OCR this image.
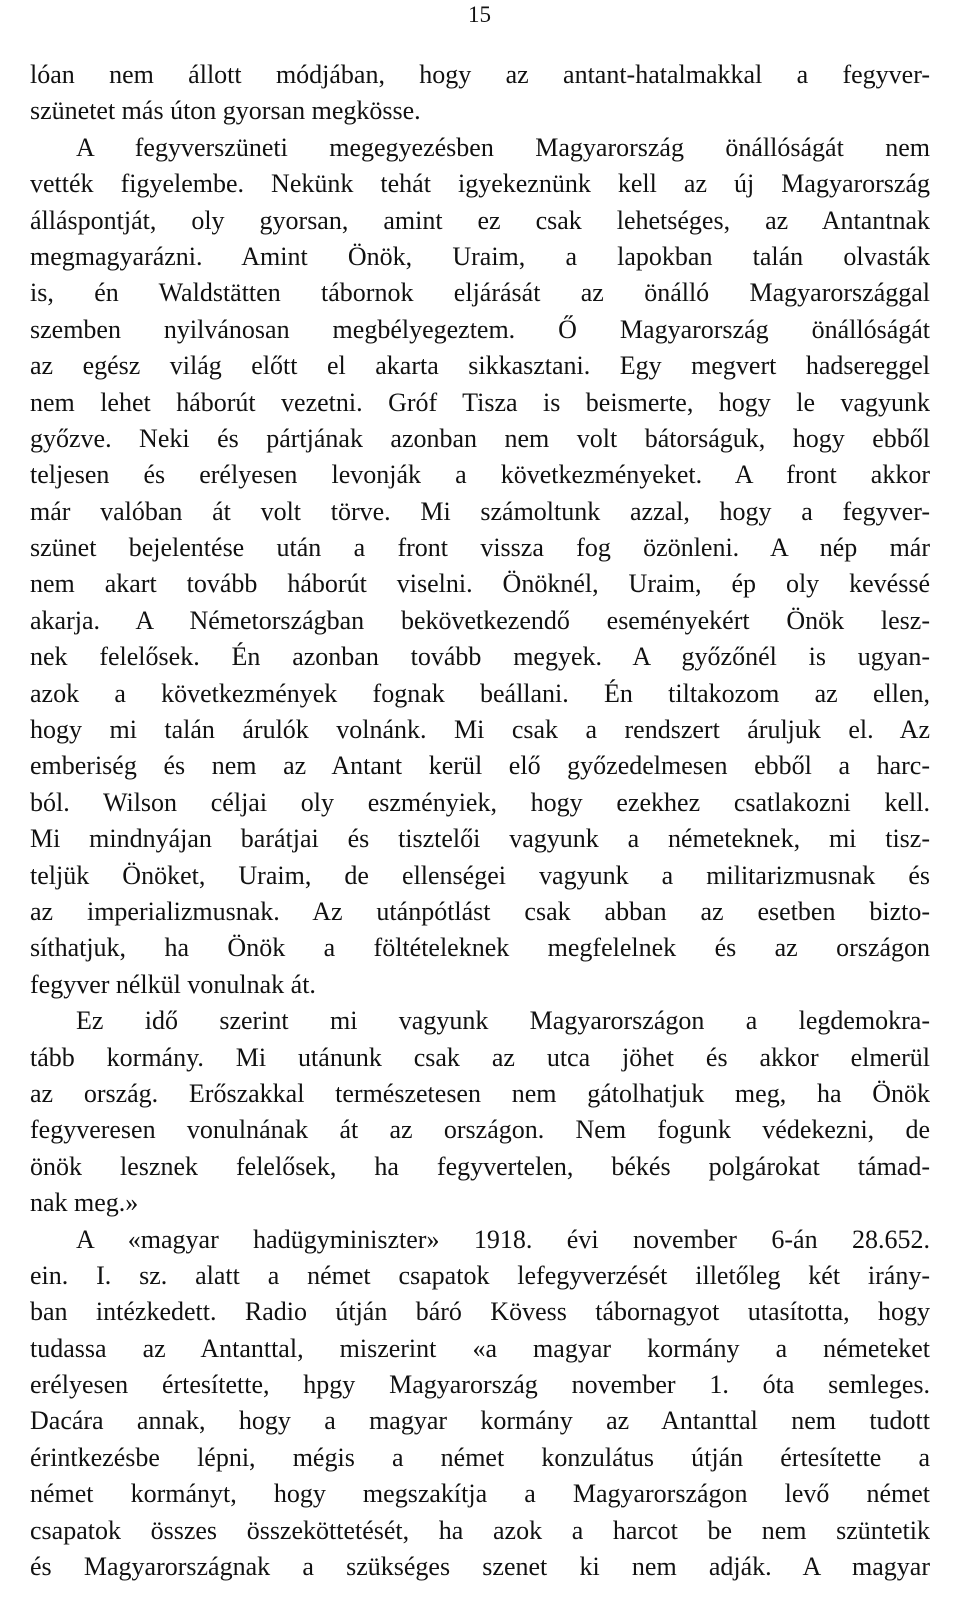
15
lóan nem állott módjában, hogy az antant-hatalmakkal a fegyver-
szünetet más úton gyorsan megkösse.
A fegyverszüneti megegyezésben Magyarország önállóságát nem
vették figyelembe. Nekünk tehát igyekeznünk kell az új Magyarország
álláspontját, oly gyorsan, amint ez csak lehetséges, az Antantnak
megmagyarázni. Amint Önök, Uraim, a lapokban talán olvasták
is, én Waldstätten tábornok eljárását az önálló Magyarországgal
szemben nyilvánosan megbélyegeztem. Ő Magyarország önállóságát
az egész világ előtt el akarta sikkasztani. Egy megvert hadsereggel
nem lehet háborút vezetni. Gróf Tisza is beismerte, hogy le vagyunk
győzve. Neki és pártjának azonban nem volt bátorságuk, hogy ebből
teljesen és erélyesen levonják a következményeket. A front akkor
már valóban át volt törve. Mi számoltunk azzal, hogy a fegyver-
szünet bejelentése után a front vissza fog özönleni. A nép már
nem akart tovább háborút viselni. Önöknél, Uraim, ép oly kevéssé
akarja. A Németországban bekövetkezendő eseményekért Önök lesz-
nek felelősek. Én azonban tovább megyek. A győzőnél is ugyan-
azok a következmények fognak beállani. Én tiltakozom az ellen,
hogy mi talán árulók volnánk. Mi csak a rendszert áruljuk el. Az
emberiség és nem az Antant kerül elő győzedelmesen ebből a harc-
ból. Wilson céljai oly eszményiek, hogy ezekhez csatlakozni kell.
Mi mindnyájan barátjai és tisztelői vagyunk a németeknek, mi tisz-
teljük Önöket, Uraim, de ellenségei vagyunk a militarizmusnak és
az imperializmusnak. Az utánpótlást csak abban az esetben bizto-
síthatjuk, ha Önök a föltételeknek megfelelnek és az országon
fegyver nélkül vonulnak át.
Ez idő szerint mi vagyunk Magyarországon a legdemokra-
tább kormány. Mi utánunk csak az utca jöhet és akkor elmerül
az ország. Erőszakkal természetesen nem gátolhatjuk meg, ha Önök
fegyveresen vonulnának át az országon. Nem fogunk védekezni, de
önök lesznek felelősek, ha fegyvertelen, békés polgárokat támad-
nak meg.»
A «magyar hadügyminiszter» 1918. évi november 6-án 28.652.
ein. I. sz. alatt a német csapatok lefegyverzését illetőleg két irány-
ban intézkedett. Radio útján báró Kövess tábornagyot utasította, hogy
tudassa az Antanttal, miszerint «a magyar kormány a németeket
erélyesen értesítette, hpgy Magyarország november 1. óta semleges.
Dacára annak, hogy a magyar kormány az Antanttal nem tudott
érintkezésbe lépni, mégis a német konzulátus útján értesítette a
német kormányt, hogy megszakítja a Magyarországon levő német
csapatok összes összeköttetését, ha azok a harcot be nem szüntetik
és Magyarországnak a szükséges szenet ki nem adják. A magyar
